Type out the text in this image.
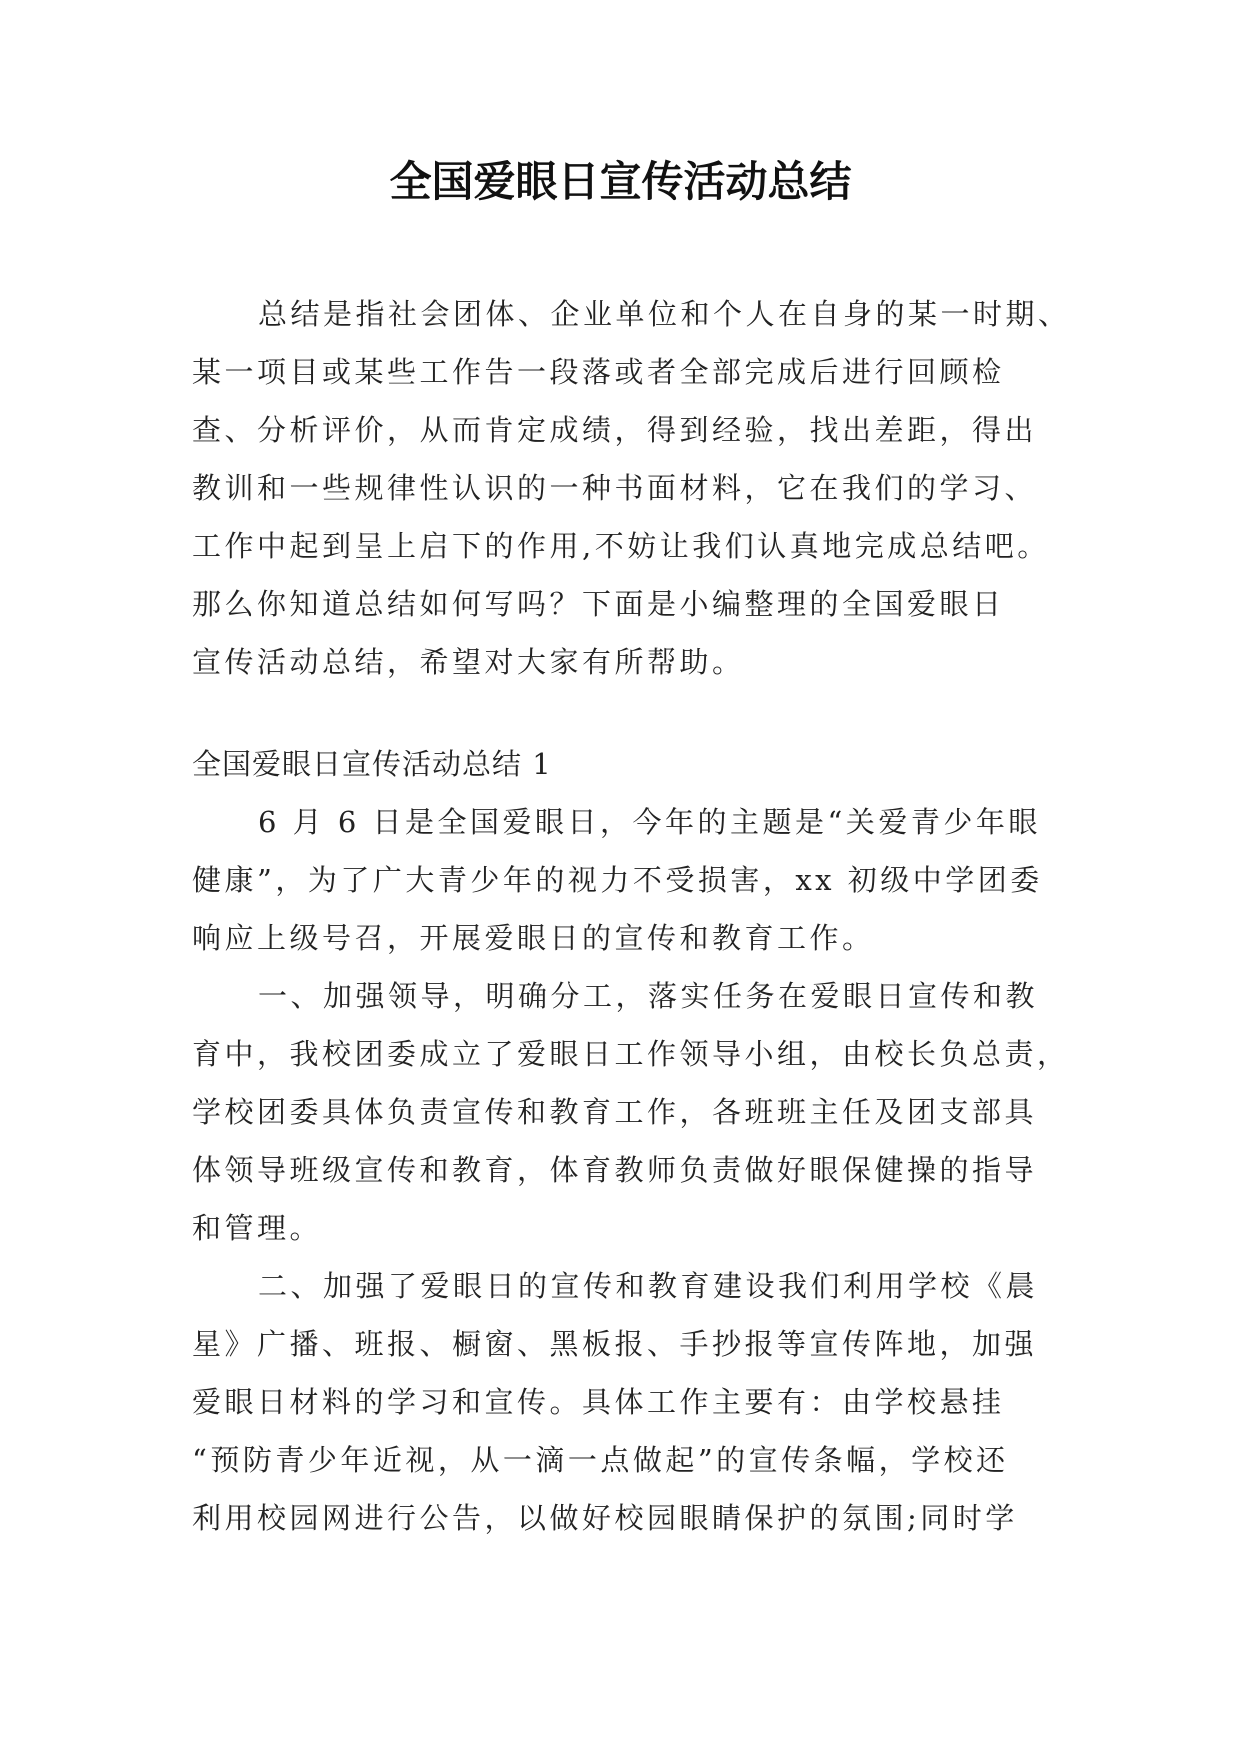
全国爱眼日宣传活动总结
总结是指社会团体、企业单位和个人在自身的某一时期、
某一项目或某些工作告一段落或者全部完成后进行回顾检
查、分析评价，从而肯定成绩，得到经验，找出差距，得出
教训和一些规律性认识的一种书面材料，它在我们的学习、
工作中起到呈上启下的作用,不妨让我们认真地完成总结吧。
那么你知道总结如何写吗？下面是小编整理的全国爱眼日
宣传活动总结，希望对大家有所帮助。
全国爱眼日宣传活动总结 1
6 月 6 日是全国爱眼日，今年的主题是“关爱青少年眼
健康”，为了广大青少年的视力不受损害，xx 初级中学团委
响应上级号召，开展爱眼日的宣传和教育工作。
一、加强领导，明确分工，落实任务在爱眼日宣传和教
育中，我校团委成立了爱眼日工作领导小组，由校长负总责，
学校团委具体负责宣传和教育工作，各班班主任及团支部具
体领导班级宣传和教育，体育教师负责做好眼保健操的指导
和管理。
二、加强了爱眼日的宣传和教育建设我们利用学校《晨
星》广播、班报、橱窗、黑板报、手抄报等宣传阵地，加强
爱眼日材料的学习和宣传。具体工作主要有：由学校悬挂
“预防青少年近视，从一滴一点做起”的宣传条幅，学校还
利用校园网进行公告，以做好校园眼睛保护的氛围;同时学
